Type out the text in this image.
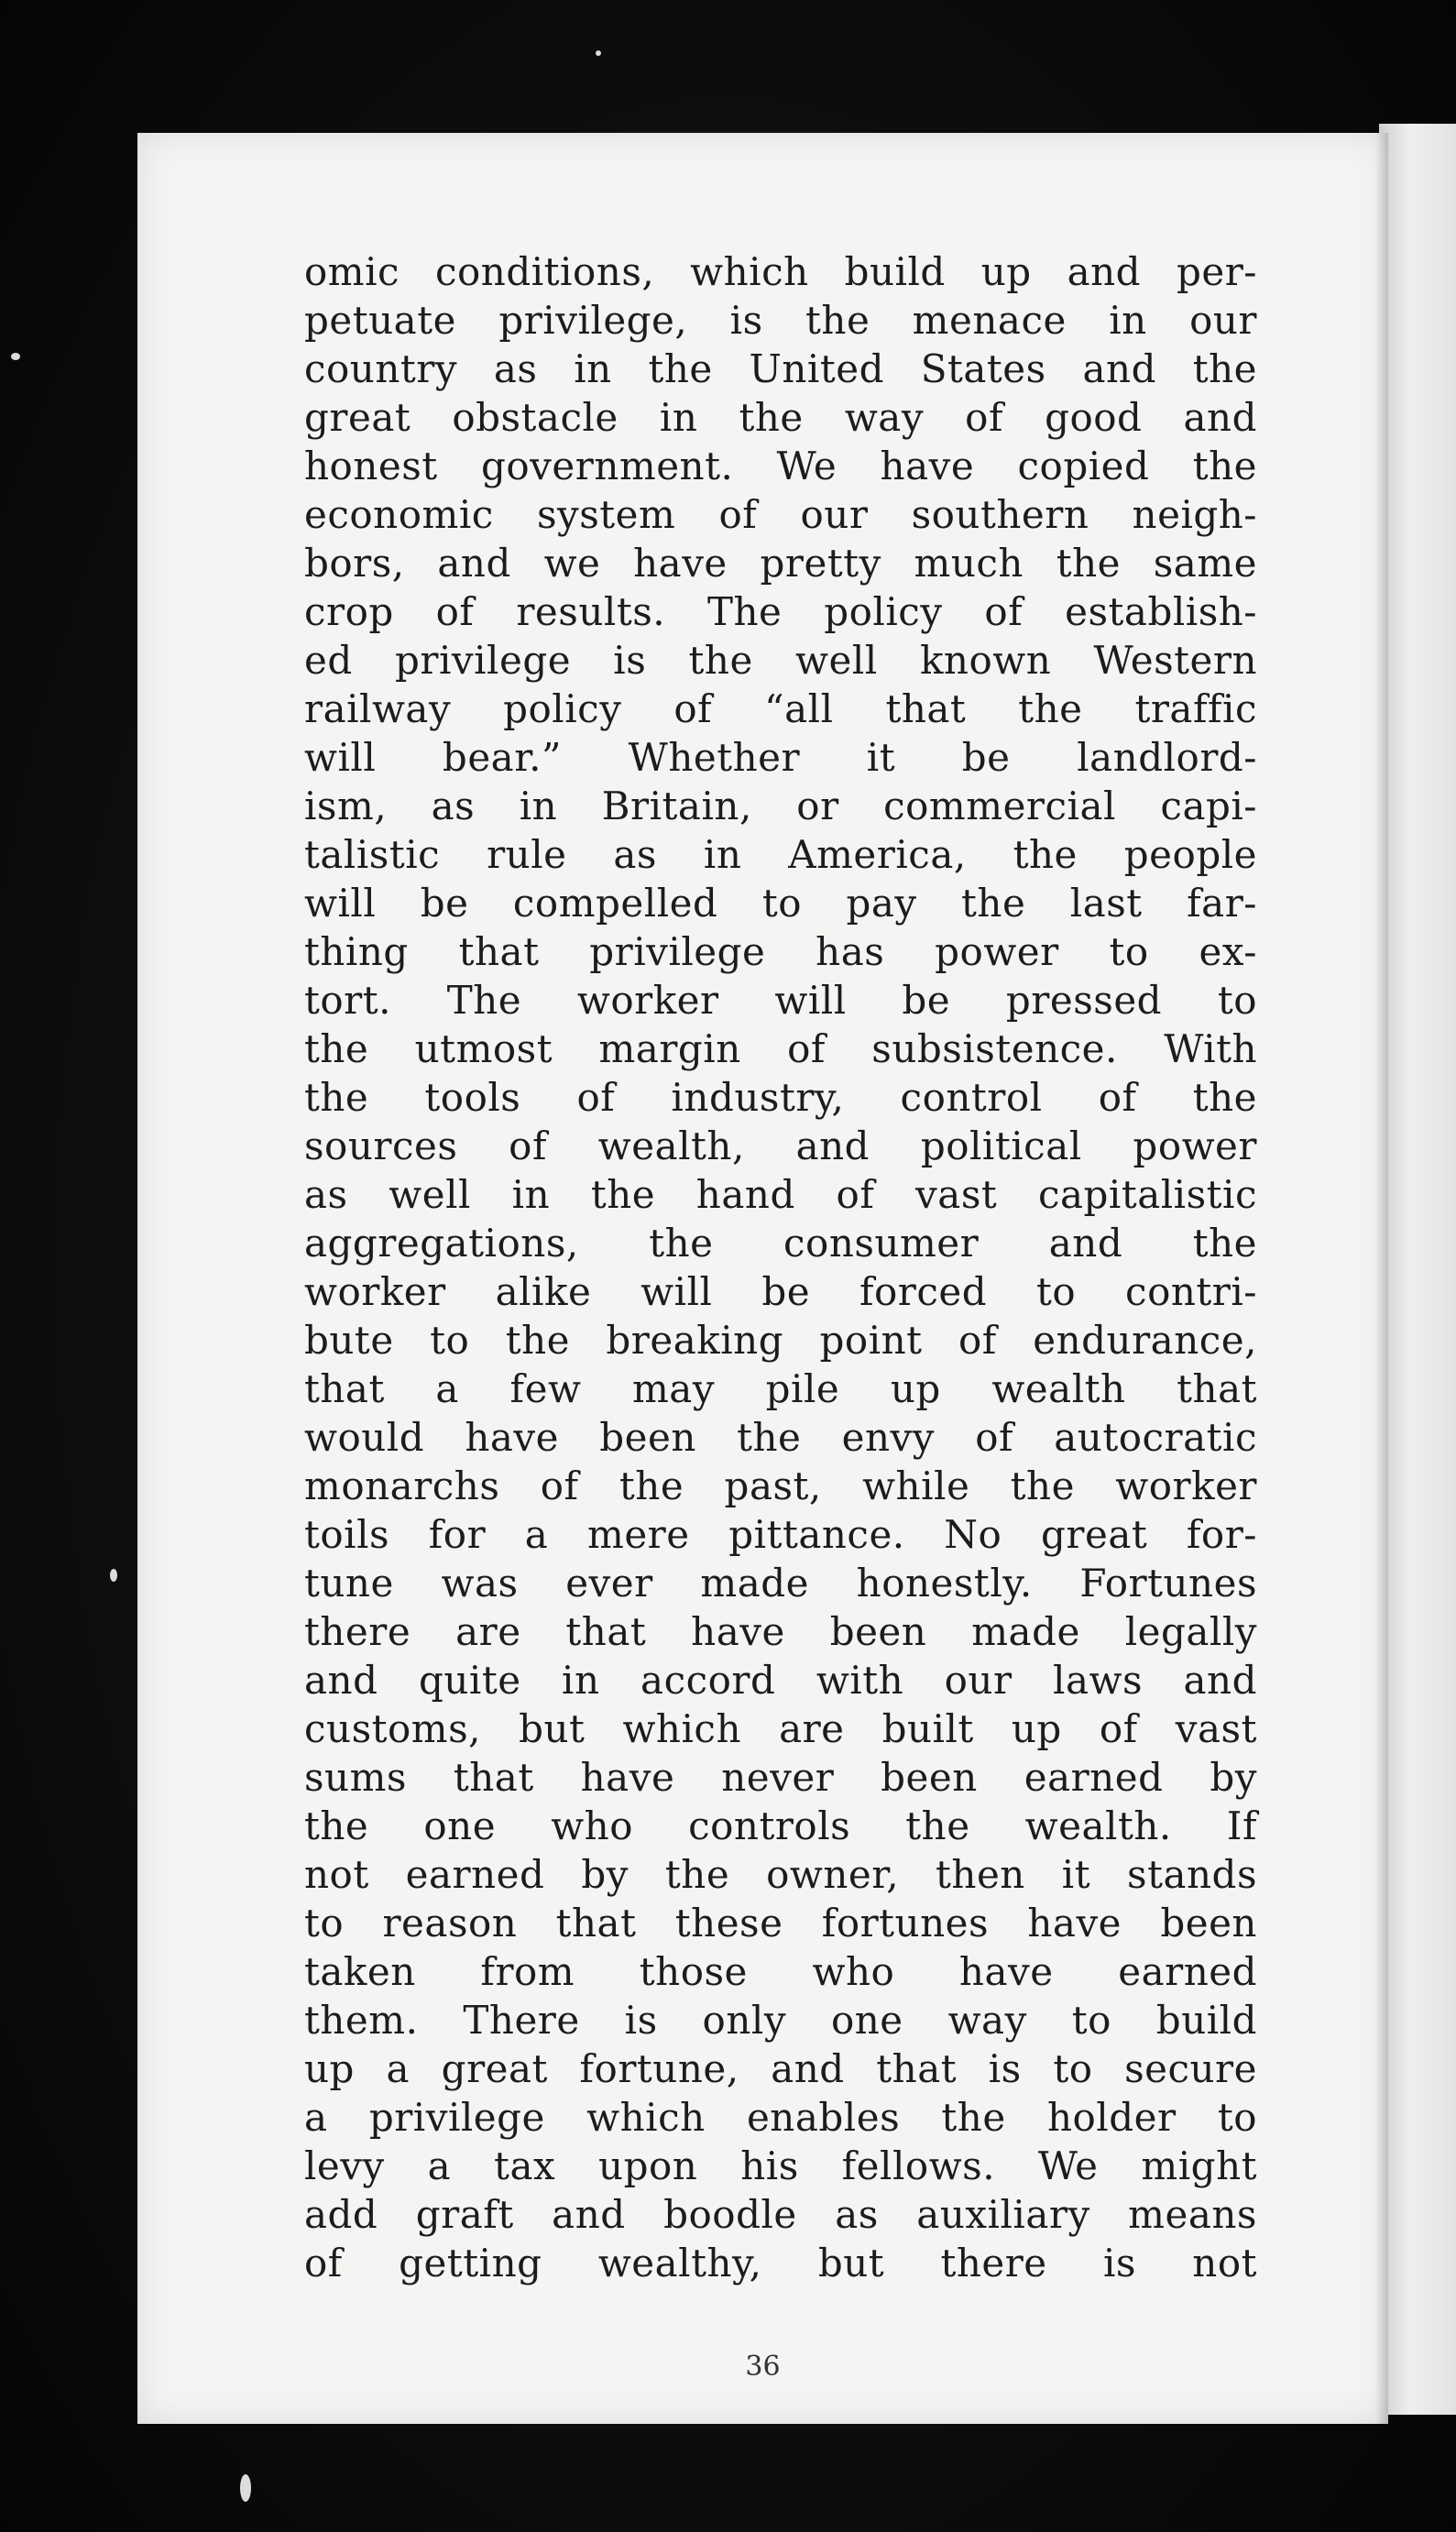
omic conditions, which build up and per-
petuate privilege, is the menace in our
country as in the United States and the
great obstacle in the way of good and
honest government. We have copied the
economic system of our southern neigh-
bors, and we have pretty much the same
crop of results. The policy of establish-
ed privilege is the well known Western
railway policy of “all that the traffic
will bear.” Whether it be landlord-
ism, as in Britain, or commercial capi-
talistic rule as in America, the people
will be compelled to pay the last far-
thing that privilege has power to ex-
tort. The worker will be pressed to
the utmost margin of subsistence. With
the tools of industry, control of the
sources of wealth, and political power
as well in the hand of vast capitalistic
aggregations, the consumer and the
worker alike will be forced to contri-
bute to the breaking point of endurance,
that a few may pile up wealth that
would have been the envy of autocratic
monarchs of the past, while the worker
toils for a mere pittance. No great for-
tune was ever made honestly. Fortunes
there are that have been made legally
and quite in accord with our laws and
customs, but which are built up of vast
sums that have never been earned by
the one who controls the wealth. If
not earned by the owner, then it stands
to reason that these fortunes have been
taken from those who have earned
them. There is only one way to build
up a great fortune, and that is to secure
a privilege which enables the holder to
levy a tax upon his fellows. We might
add graft and boodle as auxiliary means
of getting wealthy, but there is not
36
